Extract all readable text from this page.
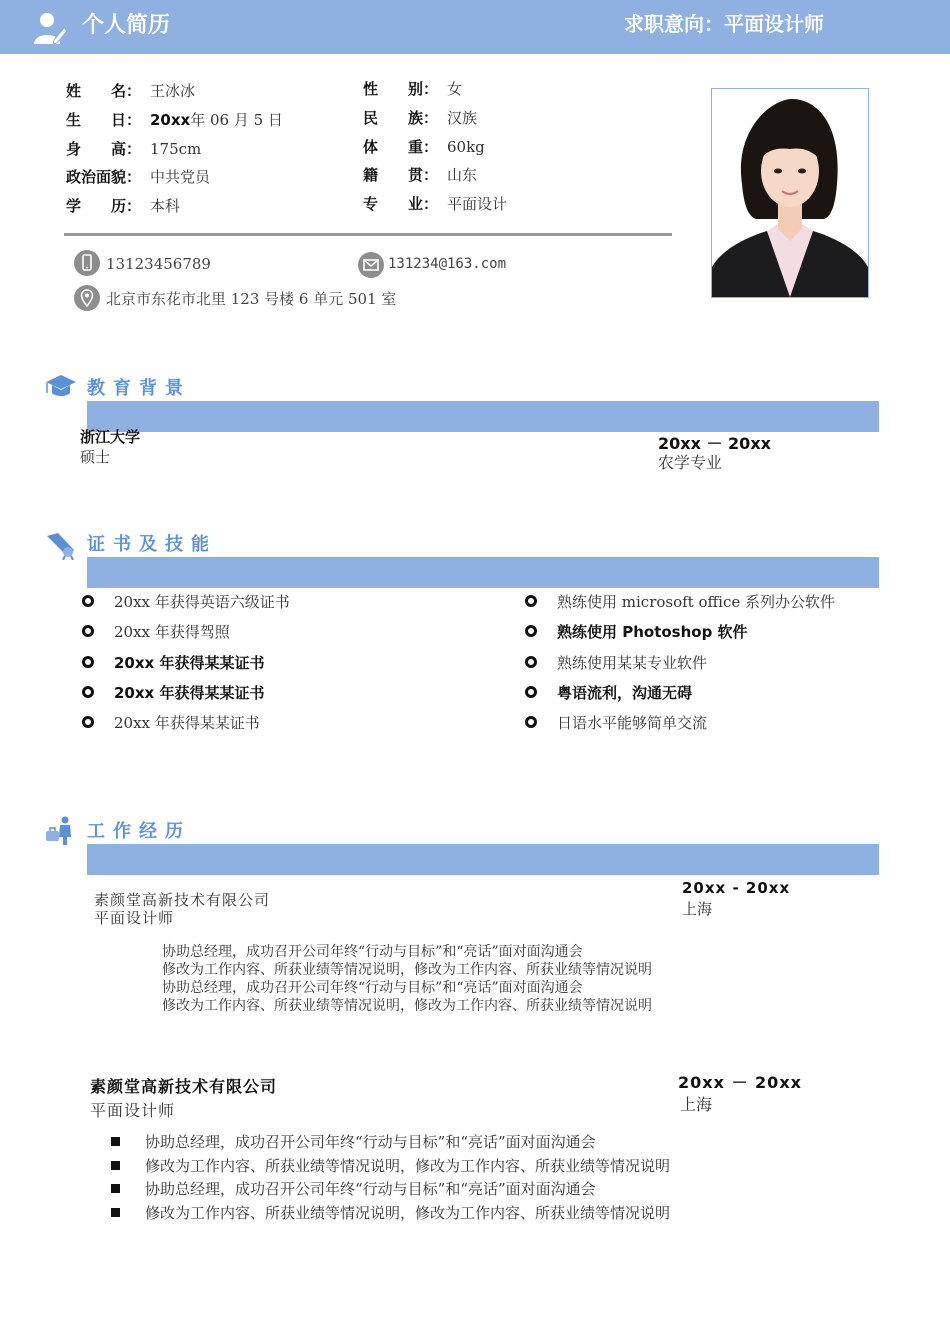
个人简历	求职意向：平面设计师
姓　　名： 王冰冰
生　　日： 20xx年 06 月 5 日
身　　高： 175cm
政治面貌： 中共党员
学　　历： 本科
性　　别： 女
民　　族： 汉族
体　　重： 60kg
籍　　贯： 山东
专　　业： 平面设计
13123456789	131234@163.com
北京市东花市北里 123 号楼 6 单元 501 室
教育背景
浙江大学
硕士
20xx － 20xx
农学专业
证书及技能
20xx 年获得英语六级证书
20xx 年获得驾照
20xx 年获得某某证书
20xx 年获得某某证书
20xx 年获得某某证书
熟练使用 microsoft office 系列办公软件
熟练使用 Photoshop 软件
熟练使用某某专业软件
粤语流利，沟通无碍
日语水平能够简单交流
工作经历
素颜堂高新技术有限公司
平面设计师
20xx - 20xx
上海
协助总经理，成功召开公司年终“行动与目标”和“亮话”面对面沟通会
修改为工作内容、所获业绩等情况说明，修改为工作内容、所获业绩等情况说明
协助总经理，成功召开公司年终“行动与目标”和“亮话”面对面沟通会
修改为工作内容、所获业绩等情况说明，修改为工作内容、所获业绩等情况说明
素颜堂高新技术有限公司
平面设计师
20xx － 20xx
上海
协助总经理，成功召开公司年终“行动与目标”和“亮话”面对面沟通会
修改为工作内容、所获业绩等情况说明，修改为工作内容、所获业绩等情况说明
协助总经理，成功召开公司年终“行动与目标”和“亮话”面对面沟通会
修改为工作内容、所获业绩等情况说明，修改为工作内容、所获业绩等情况说明
